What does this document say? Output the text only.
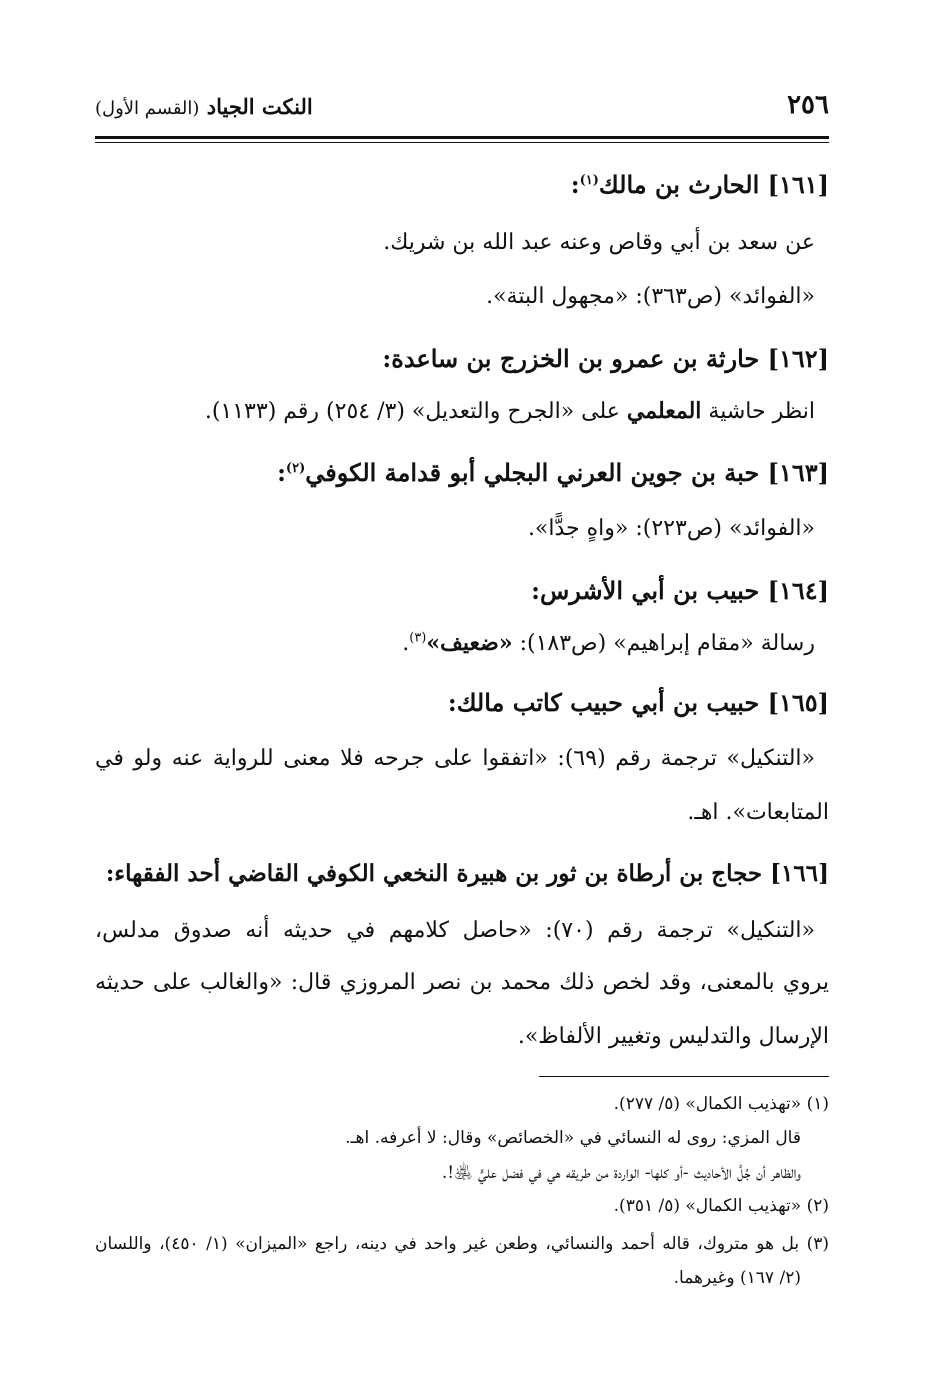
٢٥٦
النكت الجياد (القسم الأول)
[١٦١] الحارث بن مالك$^{(١)}$:
عن سعد بن أبي وقاص وعنه عبد الله بن شريك.
«الفوائد» (ص٣٦٣): «مجهول البتة».
[١٦٢] حارثة بن عمرو بن الخزرج بن ساعدة:
انظر حاشية المعلمي على «الجرح والتعديل» (٣/ ٢٥٤) رقم (١١٣٣).
[١٦٣] حبة بن جوين العرني البجلي أبو قدامة الكوفي$^{(٢)}$:
«الفوائد» (ص٢٢٣): «واهٍ جدًّا».
[١٦٤] حبيب بن أبي الأشرس:
رسالة «مقام إبراهيم» (ص١٨٣): «ضعيف»$^{(٣)}$.
[١٦٥] حبيب بن أبي حبيب كاتب مالك:
«التنكيل» ترجمة رقم (٦٩): «اتفقوا على جرحه فلا معنى للرواية عنه ولو في
المتابعات». اهـ.
[١٦٦] حجاج بن أرطاة بن ثور بن هبيرة النخعي الكوفي القاضي أحد الفقهاء:
«التنكيل» ترجمة رقم (٧٠): «حاصل كلامهم في حديثه أنه صدوق مدلس،
يروي بالمعنى، وقد لخص ذلك محمد بن نصر المروزي قال: «والغالب على حديثه
الإرسال والتدليس وتغيير الألفاظ».
(١) «تهذيب الكمال» (٥/ ٢٧٧).
قال المزي: روى له النسائي في «الخصائص» وقال: لا أعرفه. اهـ.
والظاهر أن جُلَّ الأحاديث -أو كلها- الواردة من طريقه هي في فضل عليٍّ ﵁!.
(٢) «تهذيب الكمال» (٥/ ٣٥١).
(٣) بل هو متروك، قاله أحمد والنسائي، وطعن غير واحد في دينه، راجع «الميزان» (١/ ٤٥٠)، واللسان
(٢/ ١٦٧) وغيرهما.
